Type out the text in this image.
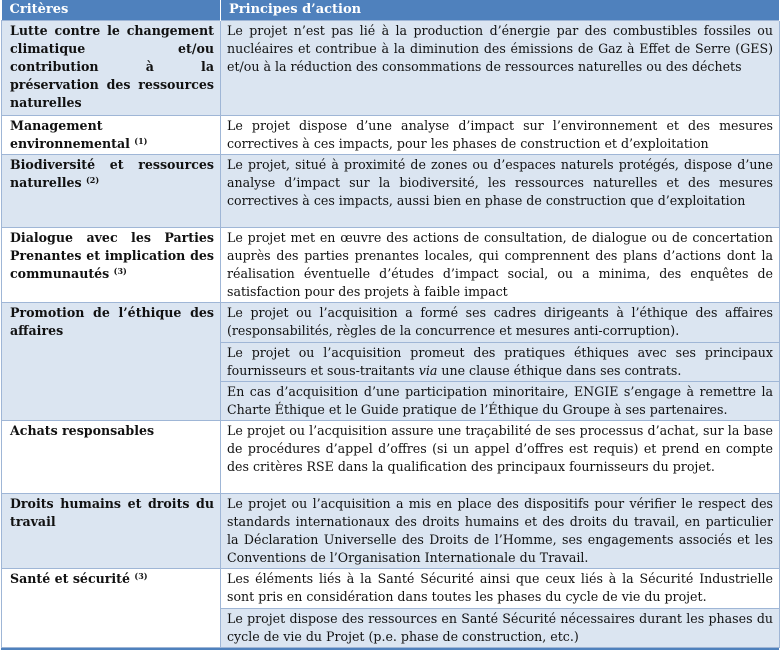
Critères	Principes d’action
Lutte contre le changement climatique et/ou contribution à la préservation des ressources naturelles	Le projet n’est pas lié à la production d’énergie par des combustibles fossiles ou nucléaires et contribue à la diminution des émissions de Gaz à Effet de Serre (GES) et/ou à la réduction des consommations de ressources naturelles ou des déchets
Management environnemental $^{(1)}$	Le projet dispose d’une analyse d’impact sur l’environnement et des mesures correctives à ces impacts, pour les phases de construction et d’exploitation
Biodiversité et ressources naturelles $^{(2)}$	Le projet, situé à proximité de zones ou d’espaces naturels protégés, dispose d’une analyse d’impact sur la biodiversité, les ressources naturelles et des mesures correctives à ces impacts, aussi bien en phase de construction que d’exploitation
Dialogue avec les Parties Prenantes et implication des communautés $^{(3)}$	Le projet met en œuvre des actions de consultation, de dialogue ou de concertation auprès des parties prenantes locales, qui comprennent des plans d’actions dont la réalisation éventuelle d’études d’impact social, ou a minima, des enquêtes de satisfaction pour des projets à faible impact
Promotion de l’éthique des affaires	Le projet ou l’acquisition a formé ses cadres dirigeants à l’éthique des affaires (responsabilités, règles de la concurrence et mesures anti-corruption).
	Le projet ou l’acquisition promeut des pratiques éthiques avec ses principaux fournisseurs et sous-traitants via une clause éthique dans ses contrats.
	En cas d’acquisition d’une participation minoritaire, ENGIE s’engage à remettre la Charte Éthique et le Guide pratique de l’Éthique du Groupe à ses partenaires.
Achats responsables	Le projet ou l’acquisition assure une traçabilité de ses processus d’achat, sur la base de procédures d’appel d’offres (si un appel d’offres est requis) et prend en compte des critères RSE dans la qualification des principaux fournisseurs du projet.
Droits humains et droits du travail	Le projet ou l’acquisition a mis en place des dispositifs pour vérifier le respect des standards internationaux des droits humains et des droits du travail, en particulier la Déclaration Universelle des Droits de l’Homme, ses engagements associés et les Conventions de l’Organisation Internationale du Travail.
Santé et sécurité $^{(3)}$	Les éléments liés à la Santé Sécurité ainsi que ceux liés à la Sécurité Industrielle sont pris en considération dans toutes les phases du cycle de vie du projet.
	Le projet dispose des ressources en Santé Sécurité nécessaires durant les phases du cycle de vie du Projet (p.e. phase de construction, etc.)
